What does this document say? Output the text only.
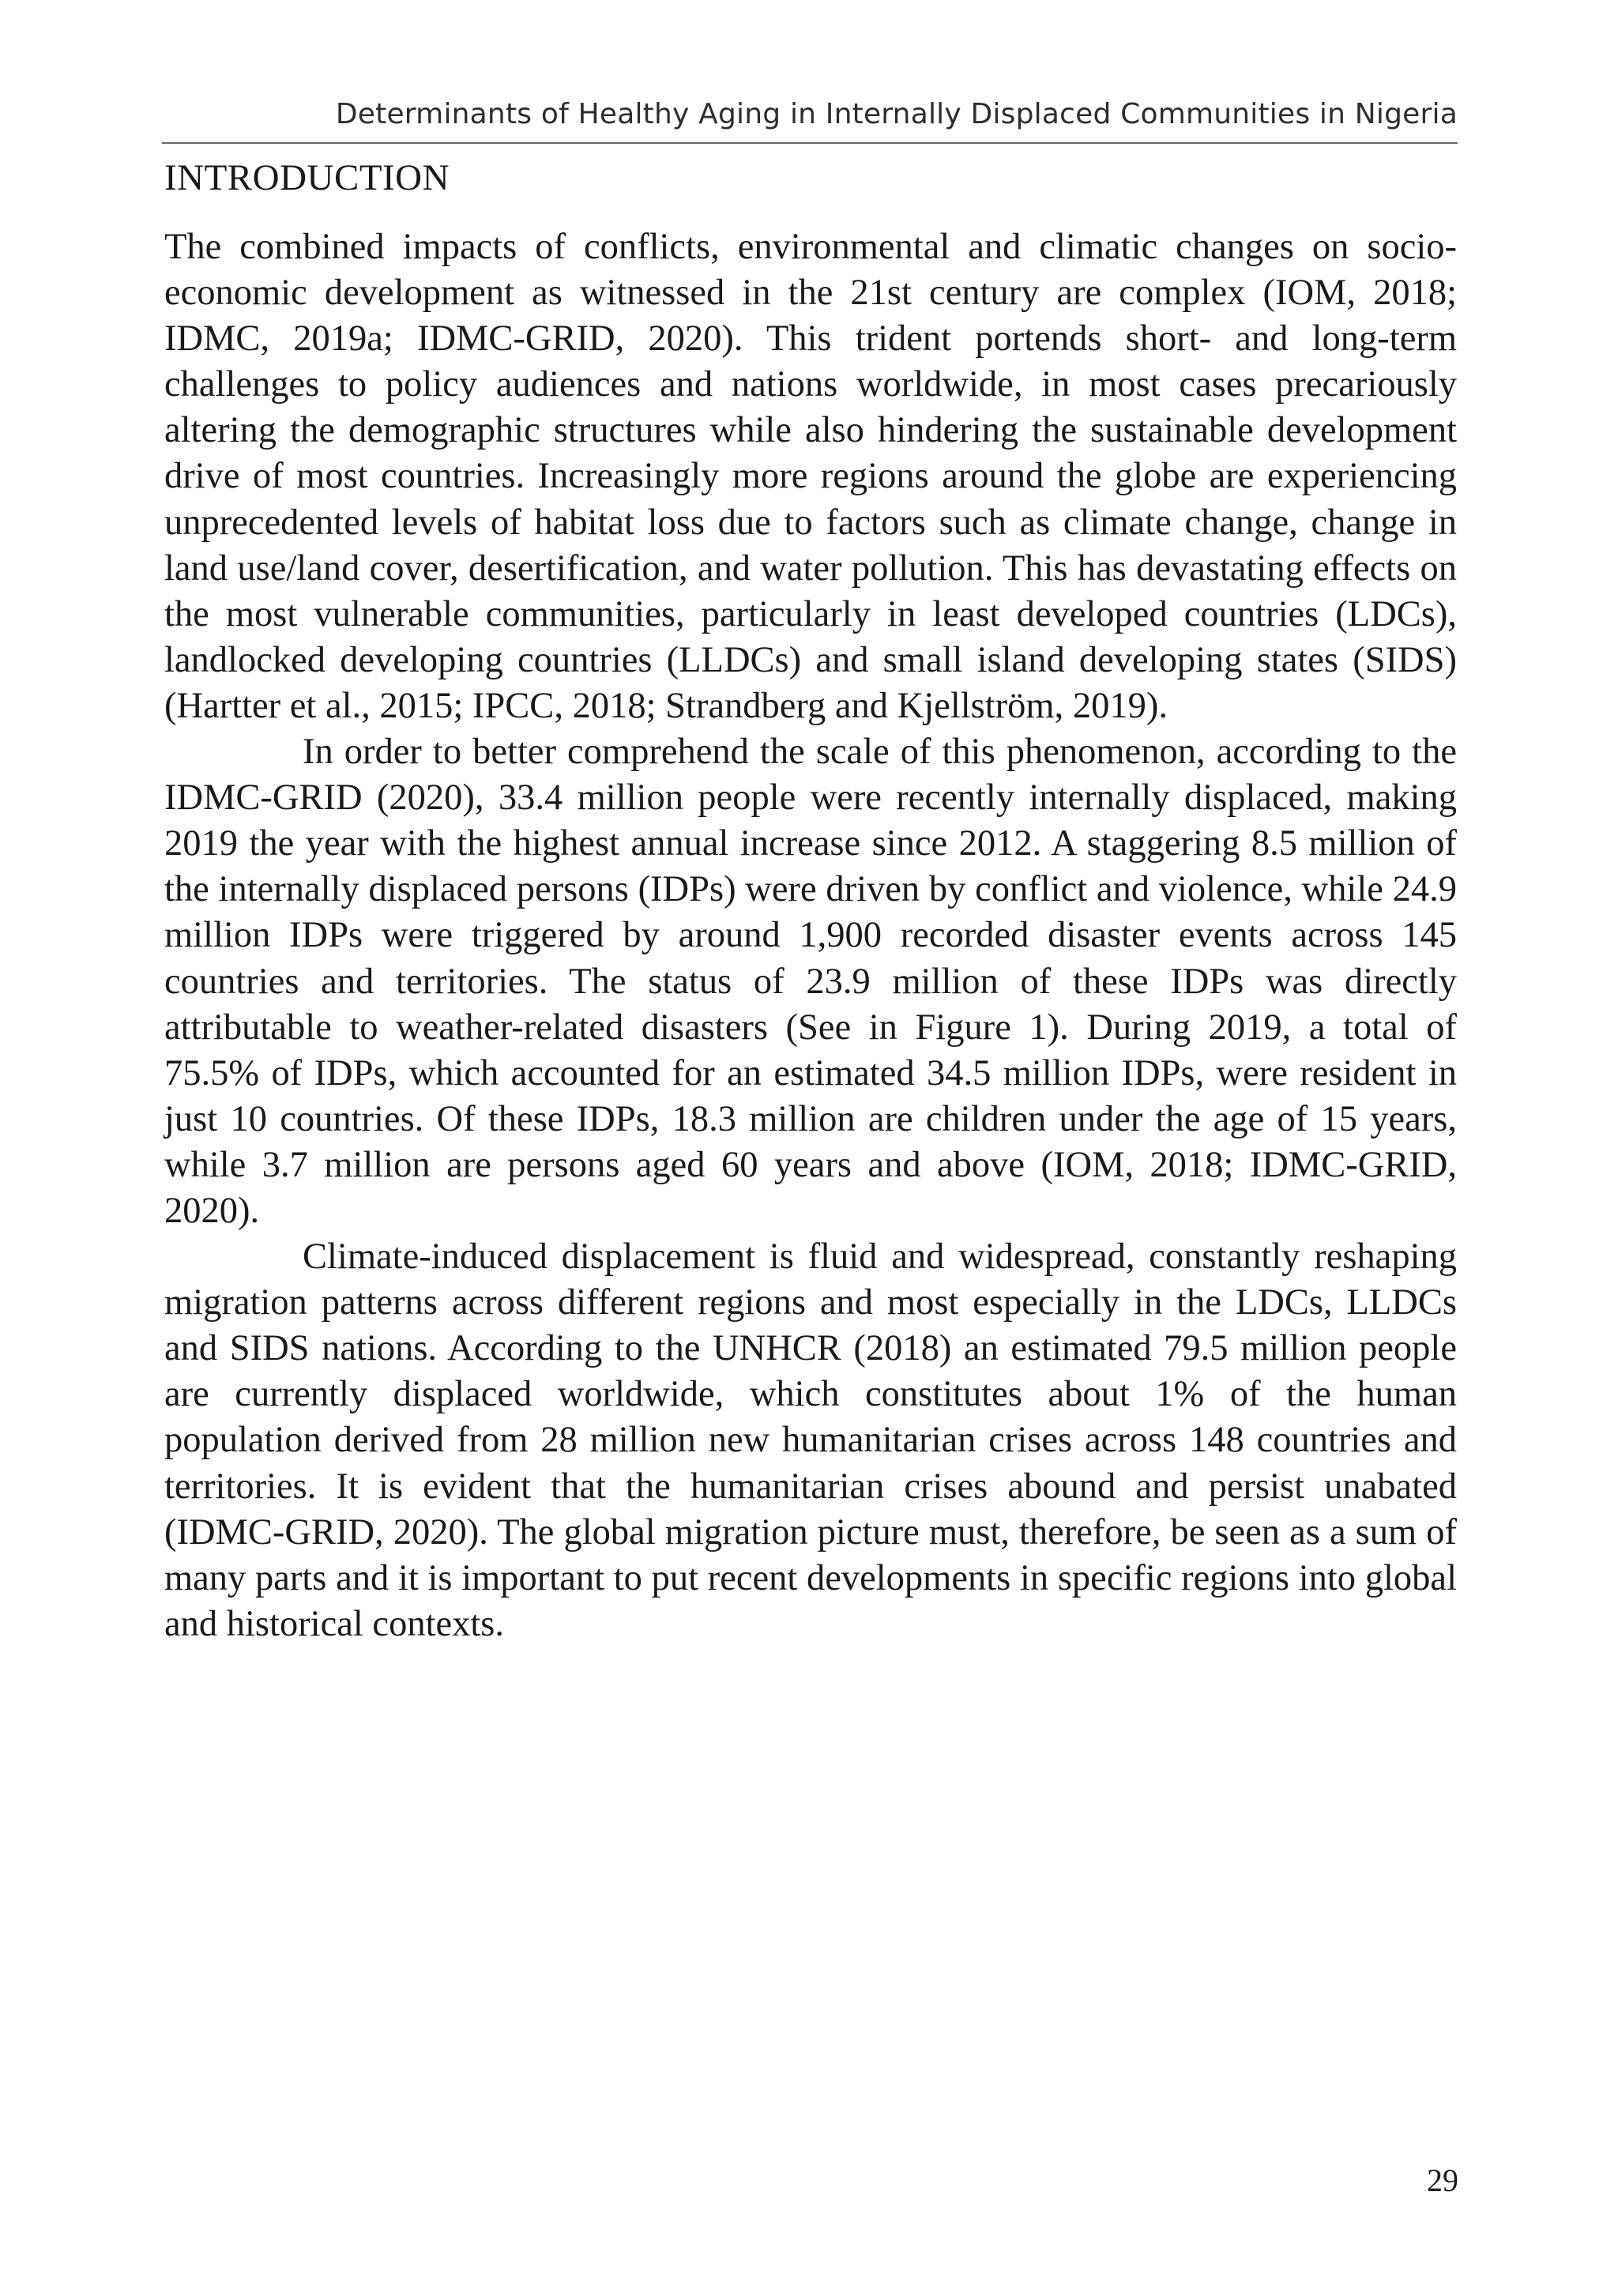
Determinants of Healthy Aging in Internally Displaced Communities in Nigeria
INTRODUCTION

The combined impacts of conflicts, environmental and climatic changes on socio-economic development as witnessed in the 21st century are complex (IOM, 2018; IDMC, 2019a; IDMC-GRID, 2020). This trident portends short- and long-term challenges to policy audiences and nations worldwide, in most cases precariously altering the demographic structures while also hindering the sustainable development drive of most countries. Increasingly more regions around the globe are experiencing unprecedented levels of habitat loss due to factors such as climate change, change in land use/land cover, desertification, and water pollution. This has devastating effects on the most vulnerable communities, particularly in least developed countries (LDCs), landlocked developing countries (LLDCs) and small island developing states (SIDS) (Hartter et al., 2015; IPCC, 2018; Strandberg and Kjellström, 2019).

In order to better comprehend the scale of this phenomenon, according to the IDMC-GRID (2020), 33.4 million people were recently internally displaced, making 2019 the year with the highest annual increase since 2012. A staggering 8.5 million of the internally displaced persons (IDPs) were driven by conflict and violence, while 24.9 million IDPs were triggered by around 1,900 recorded disaster events across 145 countries and territories. The status of 23.9 million of these IDPs was directly attributable to weather-related disasters (See in Figure 1). During 2019, a total of 75.5% of IDPs, which accounted for an estimated 34.5 million IDPs, were resident in just 10 countries. Of these IDPs, 18.3 million are children under the age of 15 years, while 3.7 million are persons aged 60 years and above (IOM, 2018; IDMC-GRID, 2020).

Climate-induced displacement is fluid and widespread, constantly reshaping migration patterns across different regions and most especially in the LDCs, LLDCs and SIDS nations. According to the UNHCR (2018) an estimated 79.5 million people are currently displaced worldwide, which constitutes about 1% of the human population derived from 28 million new humanitarian crises across 148 countries and territories. It is evident that the humanitarian crises abound and persist unabated (IDMC-GRID, 2020). The global migration picture must, therefore, be seen as a sum of many parts and it is important to put recent developments in specific regions into global and historical contexts.

29
